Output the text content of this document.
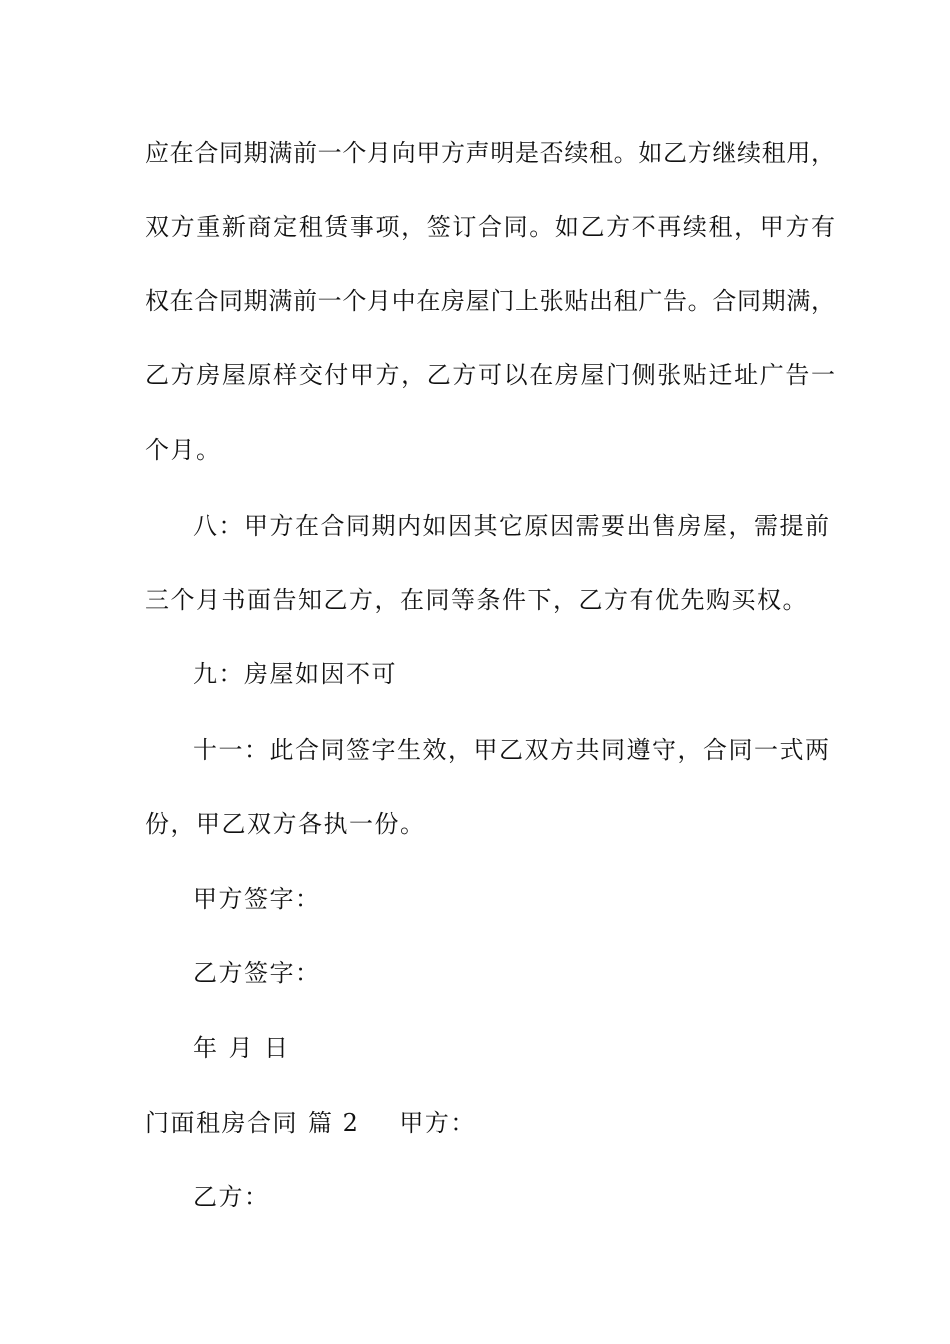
应在合同期满前一个月向甲方声明是否续租。如乙方继续租用，
双方重新商定租赁事项，签订合同。如乙方不再续租，甲方有
权在合同期满前一个月中在房屋门上张贴出租广告。合同期满，
乙方房屋原样交付甲方，乙方可以在房屋门侧张贴迁址广告一
个月。
八：甲方在合同期内如因其它原因需要出售房屋，需提前
三个月书面告知乙方，在同等条件下，乙方有优先购买权。
九：房屋如因不可
十一：此合同签字生效，甲乙双方共同遵守，合同一式两
份，甲乙双方各执一份。
甲方签字：
乙方签字：
年 月 日
门面租房合同 篇 2 甲方：
乙方：
